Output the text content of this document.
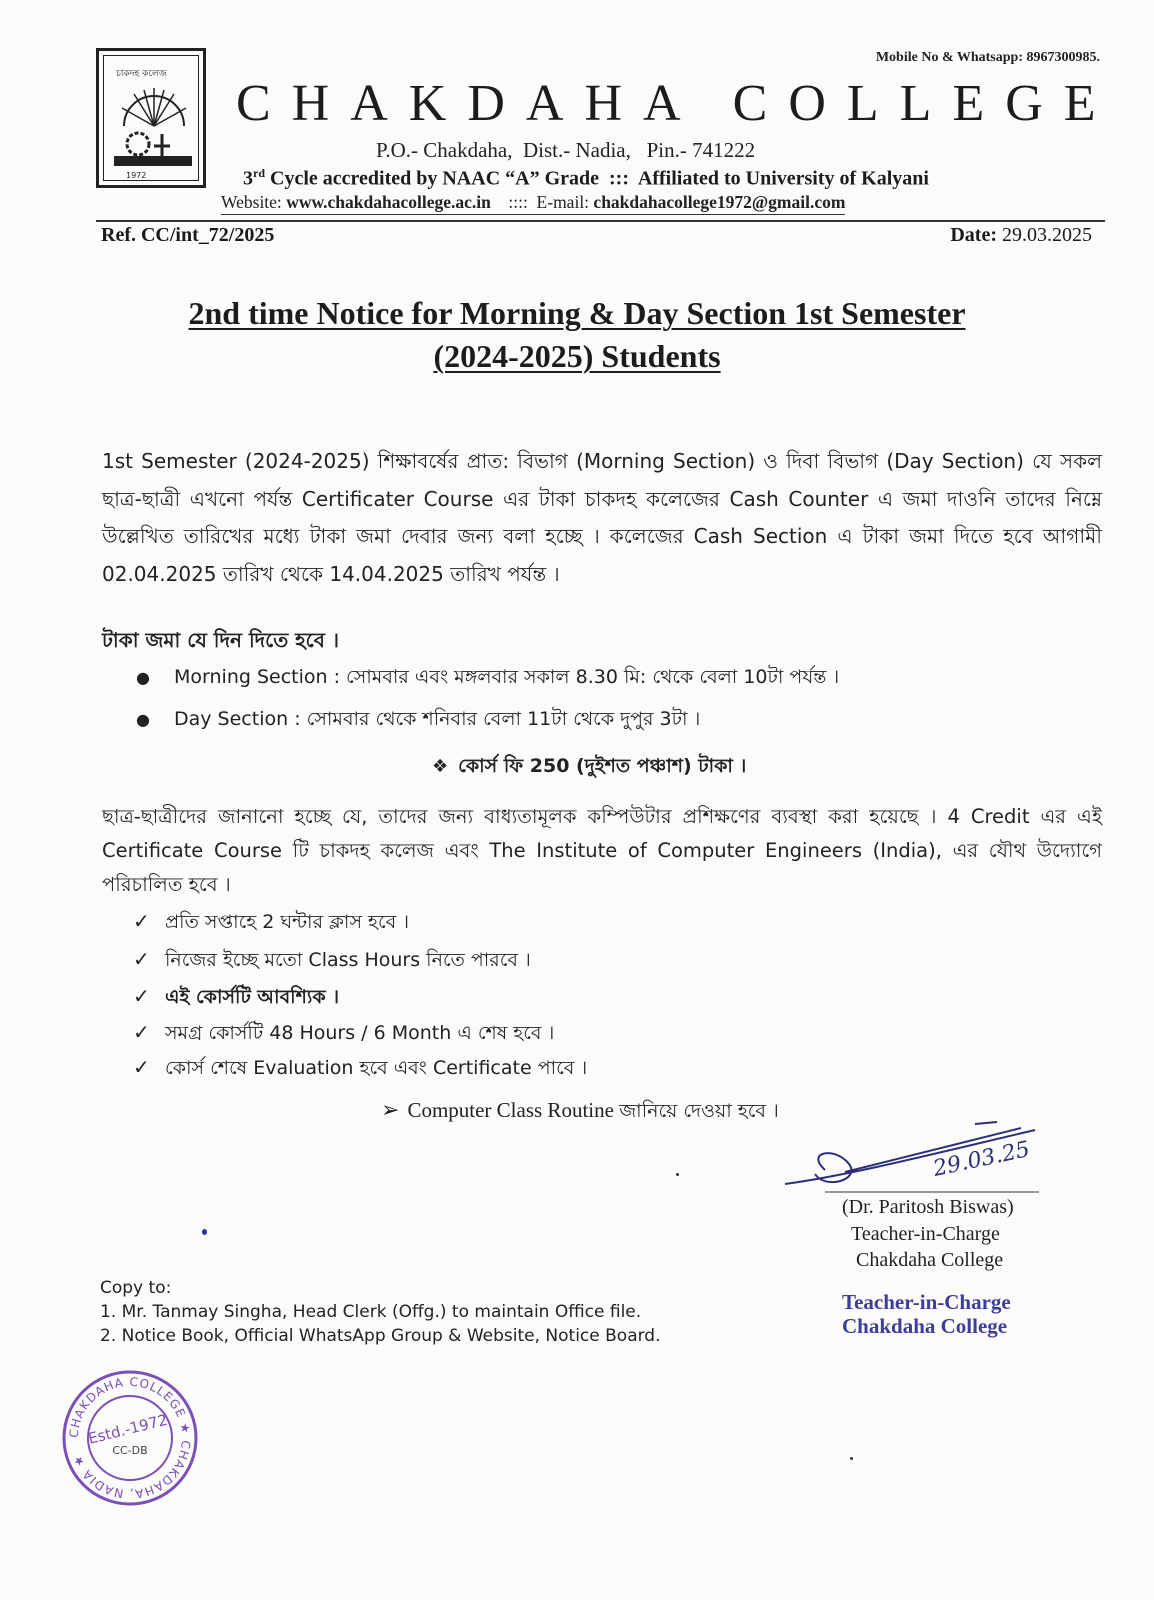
চাকদহ কলেজ
1972
Mobile No & Whatsapp: 8967300985.
CHAKDAHA COLLEGE
P.O.- Chakdaha,  Dist.- Nadia,   Pin.- 741222
3rd Cycle accredited by NAAC “A” Grade  :::  Affiliated to University of Kalyani
Website: www.chakdahacollege.ac.in    ::::  E-mail: chakdahacollege1972@gmail.com
Ref. CC/int_72/2025	Date: 29.03.2025
2nd time Notice for Morning & Day Section 1st Semester
(2024-2025) Students
1st Semester (2024-2025) শিক্ষাবর্ষের প্রাত: বিভাগ (Morning Section) ও দিবা বিভাগ (Day Section) যে সকল ছাত্র-ছাত্রী এখনো পর্যন্ত Certificater Course এর টাকা চাকদহ কলেজের Cash Counter এ জমা দাওনি তাদের নিম্নে উল্লেখিত তারিখের মধ্যে টাকা জমা দেবার জন্য বলা হচ্ছে । কলেজের Cash Section এ টাকা জমা দিতে হবে আগামী 02.04.2025 তারিখ থেকে 14.04.2025 তারিখ পর্যন্ত ।
টাকা জমা যে দিন দিতে হবে ।
● Morning Section : সোমবার এবং মঙ্গলবার সকাল 8.30 মি: থেকে বেলা 10টা পর্যন্ত ।
● Day Section : সোমবার থেকে শনিবার বেলা 11টা থেকে দুপুর 3টা ।
❖ কোর্স ফি 250 (দুইশত পঞ্চাশ) টাকা ।
ছাত্র-ছাত্রীদের জানানো হচ্ছে যে, তাদের জন্য বাধ্যতামূলক কম্পিউটার প্রশিক্ষণের ব্যবস্থা করা হয়েছে । 4 Credit এর এই Certificate Course টি চাকদহ কলেজ এবং The Institute of Computer Engineers (India), এর যৌথ উদ্যোগে পরিচালিত হবে ।
✓ প্রতি সপ্তাহে 2 ঘন্টার ক্লাস হবে ।
✓ নিজের ইচ্ছে মতো Class Hours নিতে পারবে ।
✓ এই কোর্সটি আবশ্যিক ।
✓ সমগ্র কোর্সটি 48 Hours / 6 Month এ শেষ হবে ।
✓ কোর্স শেষে Evaluation হবে এবং Certificate পাবে ।
➢ Computer Class Routine জানিয়ে দেওয়া হবে ।
29.03.25
(Dr. Paritosh Biswas)
Teacher-in-Charge
Chakdaha College
Teacher-in-Charge
Chakdaha College
Copy to:
1. Mr. Tanmay Singha, Head Clerk (Offg.) to maintain Office file.
2. Notice Book, Official WhatsApp Group & Website, Notice Board.
CHAKDAHA COLLEGE ★ CHAKDAHA, NADIA ★
Estd.-1972
CC-DB
